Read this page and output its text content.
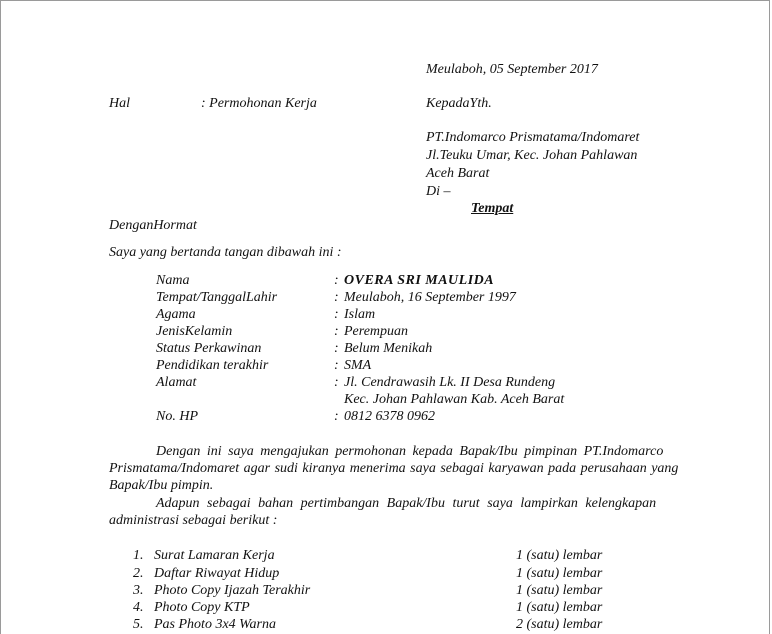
Meulaboh, 05 September 2017
Hal	: Permohonan Kerja	KepadaYth.
PT.Indomarco Prismatama/Indomaret
Jl.Teuku Umar, Kec. Johan Pahlawan
Aceh Barat
Di –
Tempat
DenganHormat
Saya yang bertanda tangan dibawah ini :
Nama	: OVERA SRI MAULIDA
Tempat/TanggalLahir	: Meulaboh, 16 September 1997
Agama	: Islam
JenisKelamin	: Perempuan
Status Perkawinan	: Belum Menikah
Pendidikan terakhir	: SMA
Alamat	: Jl. Cendrawasih Lk. II Desa Rundeng
Kec. Johan Pahlawan Kab. Aceh Barat
No. HP	: 0812 6378 0962
Dengan ini saya mengajukan permohonan kepada Bapak/Ibu pimpinan PT.Indomarco
Prismatama/Indomaret agar sudi kiranya menerima saya sebagai karyawan pada perusahaan yang
Bapak/Ibu pimpin.
Adapun sebagai bahan pertimbangan Bapak/Ibu turut saya lampirkan kelengkapan
administrasi sebagai berikut :
1. Surat Lamaran Kerja	1 (satu) lembar
2. Daftar Riwayat Hidup	1 (satu) lembar
3. Photo Copy Ijazah Terakhir	1 (satu) lembar
4. Photo Copy KTP	1 (satu) lembar
5. Pas Photo 3x4 Warna	2 (satu) lembar
